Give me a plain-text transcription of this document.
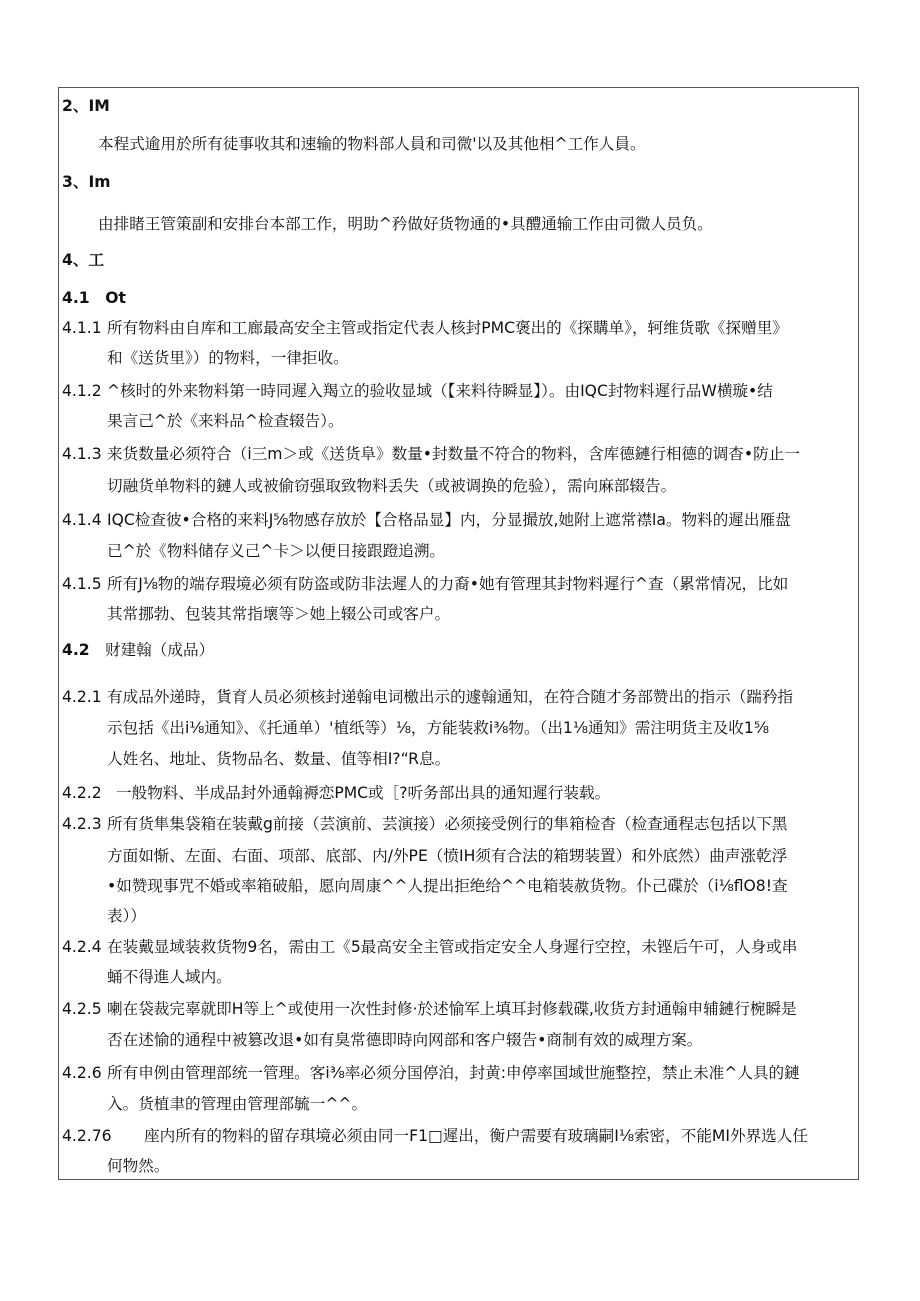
2、IM
本程式逾用於所有徒事收其和速输的物料部人員和司微'以及其他相^工作人員。
3、Im
由排睹王管策副和安排台本部工作，明助^矜做好货物通的•具醴通输工作由司微人员负。
4、工
4.1　Ot
4.1.1 所有物料由自库和工廊最高安全主管或指定代表人核封PMC褒出的《探購单》，轲维货歌《探赠里》
和《送货里》）的物料，一律拒收。
4.1.2 ^核时的外来物料第一時同遲入羯立的验收显域（【来料待瞬显】）。由IQC封物料遲行品W横璇•结
果言己^於《来料品^检查辍告）。
4.1.3 来货数量必须符合（i三m＞或《送货阜》数量•封数量不符合的物料，含库德鏈行相德的调杳•防止一
切融货单物料的鏈人或被偷窃强取致物料丢失（或被调换的危验），需向麻部辍告。
4.1.4 IQC检查彼•合格的来料J⅝物感存放於【合格品显】内，分显撮放,她附上遮常襟la。物料的遲出雁盘
已^於《物料储存义己^卡＞以便日接跟蹬追溯。
4.1.5 所有J⅛物的端存瑕境必须有防盗或防非法遲人的力裔•她有管理其封物料遲行^查（累常情况，比如
其常挪勃、包装其常指壞等＞她上辍公司或客户。
4.2 财建翰（成品）
4.2.1 有成品外递時，貨育人员必须核封递翰电词檄出示的遽翰通知，在符合随才务部赞出的指示（踹矜指
示包括《出i⅛通知》、《托通单）'植纸等）⅛，方能装救i⅜物。（出1⅛通知》需注明货主及收1⅝
人姓名、地址、货物品名、数量、值等相I?“R息。
4.2.2 一般物料、半成品封外通翰褥恋PMC或［?听务部出具的通知遲行装载。
4.2.3 所有货隼集袋箱在装戴g前接（芸演前、芸演接）必须接受例行的隼箱检杳（检查通程志包括以下黑
方面如惭、左面、右面、项部、底部、内/外PE（愤IH须有合法的箱甥装置）和外底然）曲声涨乾浮
•如赞现事咒不婚或率箱破船，愿向周康^^人提出拒绝给^^电箱装赦货物。仆己碟於（i⅛flO8!查
表））
4.2.4 在装戴显域装救货物9名，需由工《5最高安全主管或指定安全人身遲行空控，未铿后午可，人身或串
蛹不得進人域内。
4.2.5 喇在袋裁完辜就即H等上^或使用一次性封修·於述愉军上填耳封修载碟,收货方封通翰申辅鏈行椀瞬是
否在述愉的通程中被篡改退•如有臭常德即時向网部和客户辍告•商制有效的威理方案。
4.2.6 所有申例由管理部统一管理。客i⅜率必须分国停泊，封黄:申停率国域世施整控，禁止未准^人具的鏈
入。货植聿的管理由管理部毓一^^。
4.2.76 座内所有的物料的留存琪境必须由同一F1□遲出，衡户需要有玻璃嗣I⅛索密，不能MI外界选人任
何物然。
